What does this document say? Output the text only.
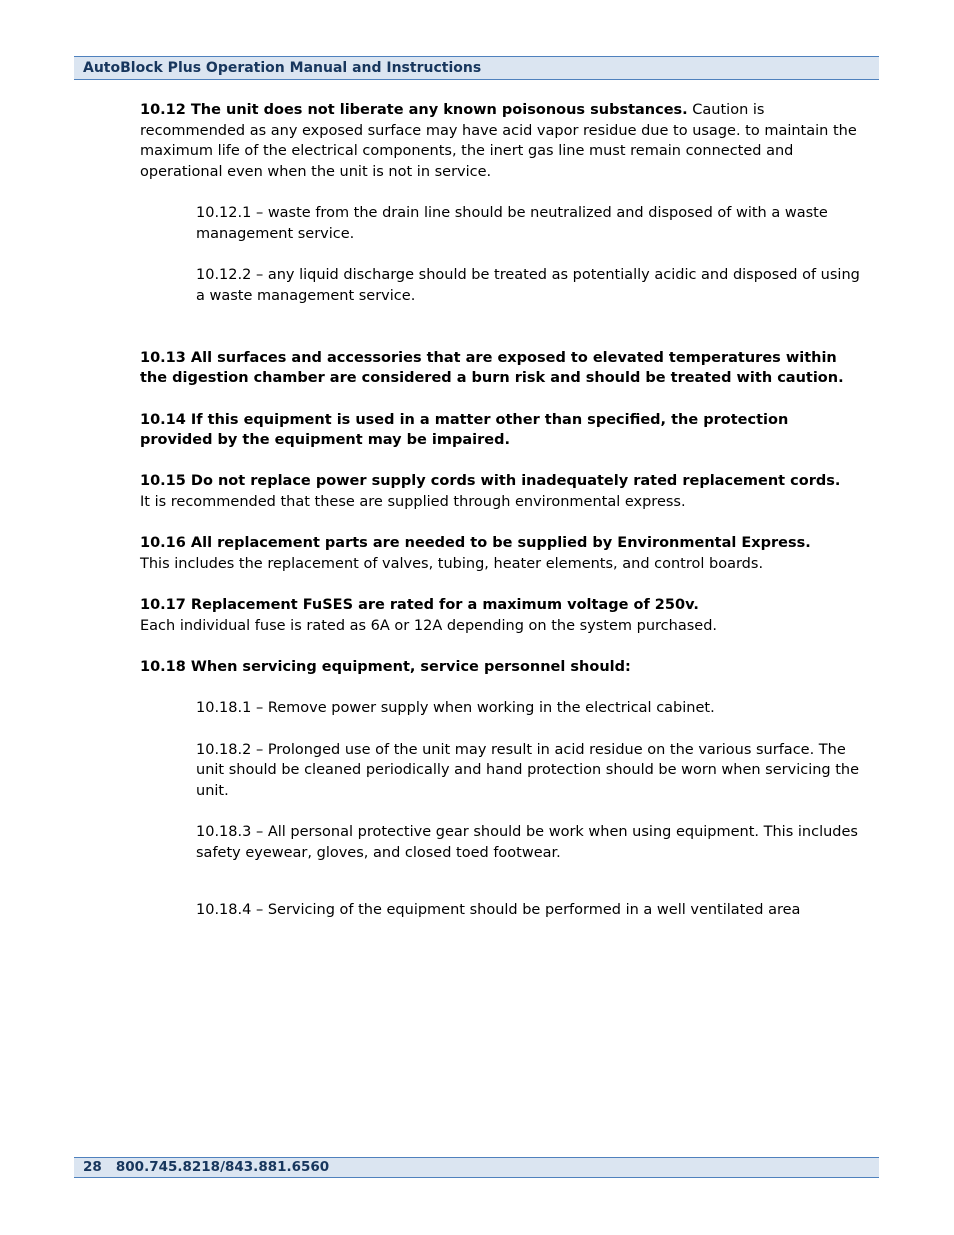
AutoBlock Plus Operation Manual and Instructions

10.12 The unit does not liberate any known poisonous substances. Caution is recommended as any exposed surface may have acid vapor residue due to usage. to maintain the maximum life of the electrical components, the inert gas line must remain connected and operational even when the unit is not in service.

10.12.1 – waste from the drain line should be neutralized and disposed of with a waste management service.

10.12.2 – any liquid discharge should be treated as potentially acidic and disposed of using a waste management service.

10.13 All surfaces and accessories that are exposed to elevated temperatures within the digestion chamber are considered a burn risk and should be treated with caution.

10.14 If this equipment is used in a matter other than specified, the protection provided by the equipment may be impaired.

10.15 Do not replace power supply cords with inadequately rated replacement cords.

It is recommended that these are supplied through environmental express.

10.16 All replacement parts are needed to be supplied by Environmental Express.

This includes the replacement of valves, tubing, heater elements, and control boards.

10.17 Replacement FuSES are rated for a maximum voltage of 250v.

Each individual fuse is rated as 6A or 12A depending on the system purchased.

10.18 When servicing equipment, service personnel should:

10.18.1 – Remove power supply when working in the electrical cabinet.

10.18.2 – Prolonged use of the unit may result in acid residue on the various surface. The unit should be cleaned periodically and hand protection should be worn when servicing the unit.

10.18.3 – All personal protective gear should be work when using equipment. This includes safety eyewear, gloves, and closed toed footwear.

10.18.4 – Servicing of the equipment should be performed in a well ventilated area

28   800.745.8218/843.881.6560
